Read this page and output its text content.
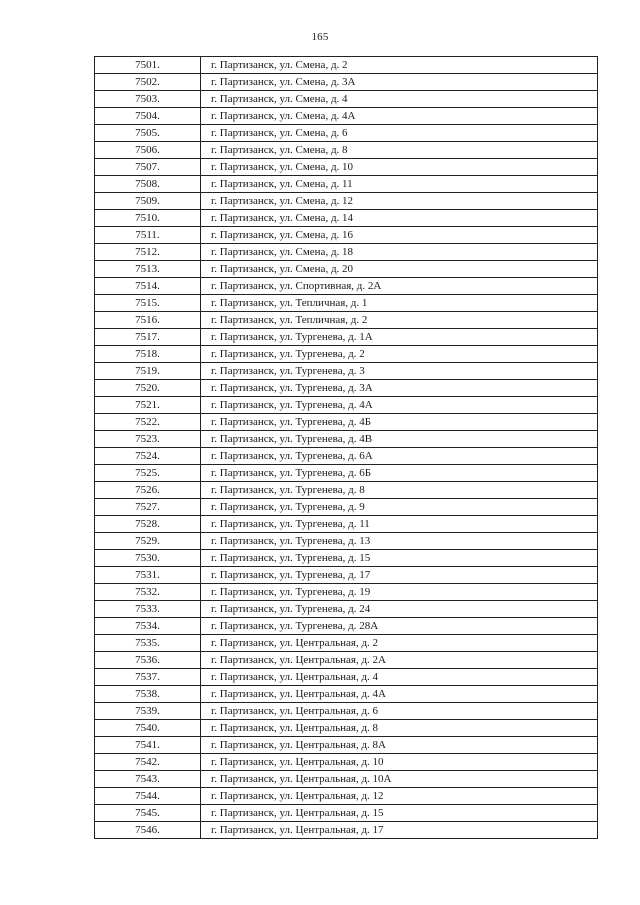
165
7501.	г. Партизанск, ул. Смена, д. 2
7502.	г. Партизанск, ул. Смена, д. 3А
7503.	г. Партизанск, ул. Смена, д. 4
7504.	г. Партизанск, ул. Смена, д. 4А
7505.	г. Партизанск, ул. Смена, д. 6
7506.	г. Партизанск, ул. Смена, д. 8
7507.	г. Партизанск, ул. Смена, д. 10
7508.	г. Партизанск, ул. Смена, д. 11
7509.	г. Партизанск, ул. Смена, д. 12
7510.	г. Партизанск, ул. Смена, д. 14
7511.	г. Партизанск, ул. Смена, д. 16
7512.	г. Партизанск, ул. Смена, д. 18
7513.	г. Партизанск, ул. Смена, д. 20
7514.	г. Партизанск, ул. Спортивная, д. 2А
7515.	г. Партизанск, ул. Тепличная, д. 1
7516.	г. Партизанск, ул. Тепличная, д. 2
7517.	г. Партизанск, ул. Тургенева, д. 1А
7518.	г. Партизанск, ул. Тургенева, д. 2
7519.	г. Партизанск, ул. Тургенева, д. 3
7520.	г. Партизанск, ул. Тургенева, д. 3А
7521.	г. Партизанск, ул. Тургенева, д. 4А
7522.	г. Партизанск, ул. Тургенева, д. 4Б
7523.	г. Партизанск, ул. Тургенева, д. 4В
7524.	г. Партизанск, ул. Тургенева, д. 6А
7525.	г. Партизанск, ул. Тургенева, д. 6Б
7526.	г. Партизанск, ул. Тургенева, д. 8
7527.	г. Партизанск, ул. Тургенева, д. 9
7528.	г. Партизанск, ул. Тургенева, д. 11
7529.	г. Партизанск, ул. Тургенева, д. 13
7530.	г. Партизанск, ул. Тургенева, д. 15
7531.	г. Партизанск, ул. Тургенева, д. 17
7532.	г. Партизанск, ул. Тургенева, д. 19
7533.	г. Партизанск, ул. Тургенева, д. 24
7534.	г. Партизанск, ул. Тургенева, д. 28А
7535.	г. Партизанск, ул. Центральная, д. 2
7536.	г. Партизанск, ул. Центральная, д. 2А
7537.	г. Партизанск, ул. Центральная, д. 4
7538.	г. Партизанск, ул. Центральная, д. 4А
7539.	г. Партизанск, ул. Центральная, д. 6
7540.	г. Партизанск, ул. Центральная, д. 8
7541.	г. Партизанск, ул. Центральная, д. 8А
7542.	г. Партизанск, ул. Центральная, д. 10
7543.	г. Партизанск, ул. Центральная, д. 10А
7544.	г. Партизанск, ул. Центральная, д. 12
7545.	г. Партизанск, ул. Центральная, д. 15
7546.	г. Партизанск, ул. Центральная, д. 17
